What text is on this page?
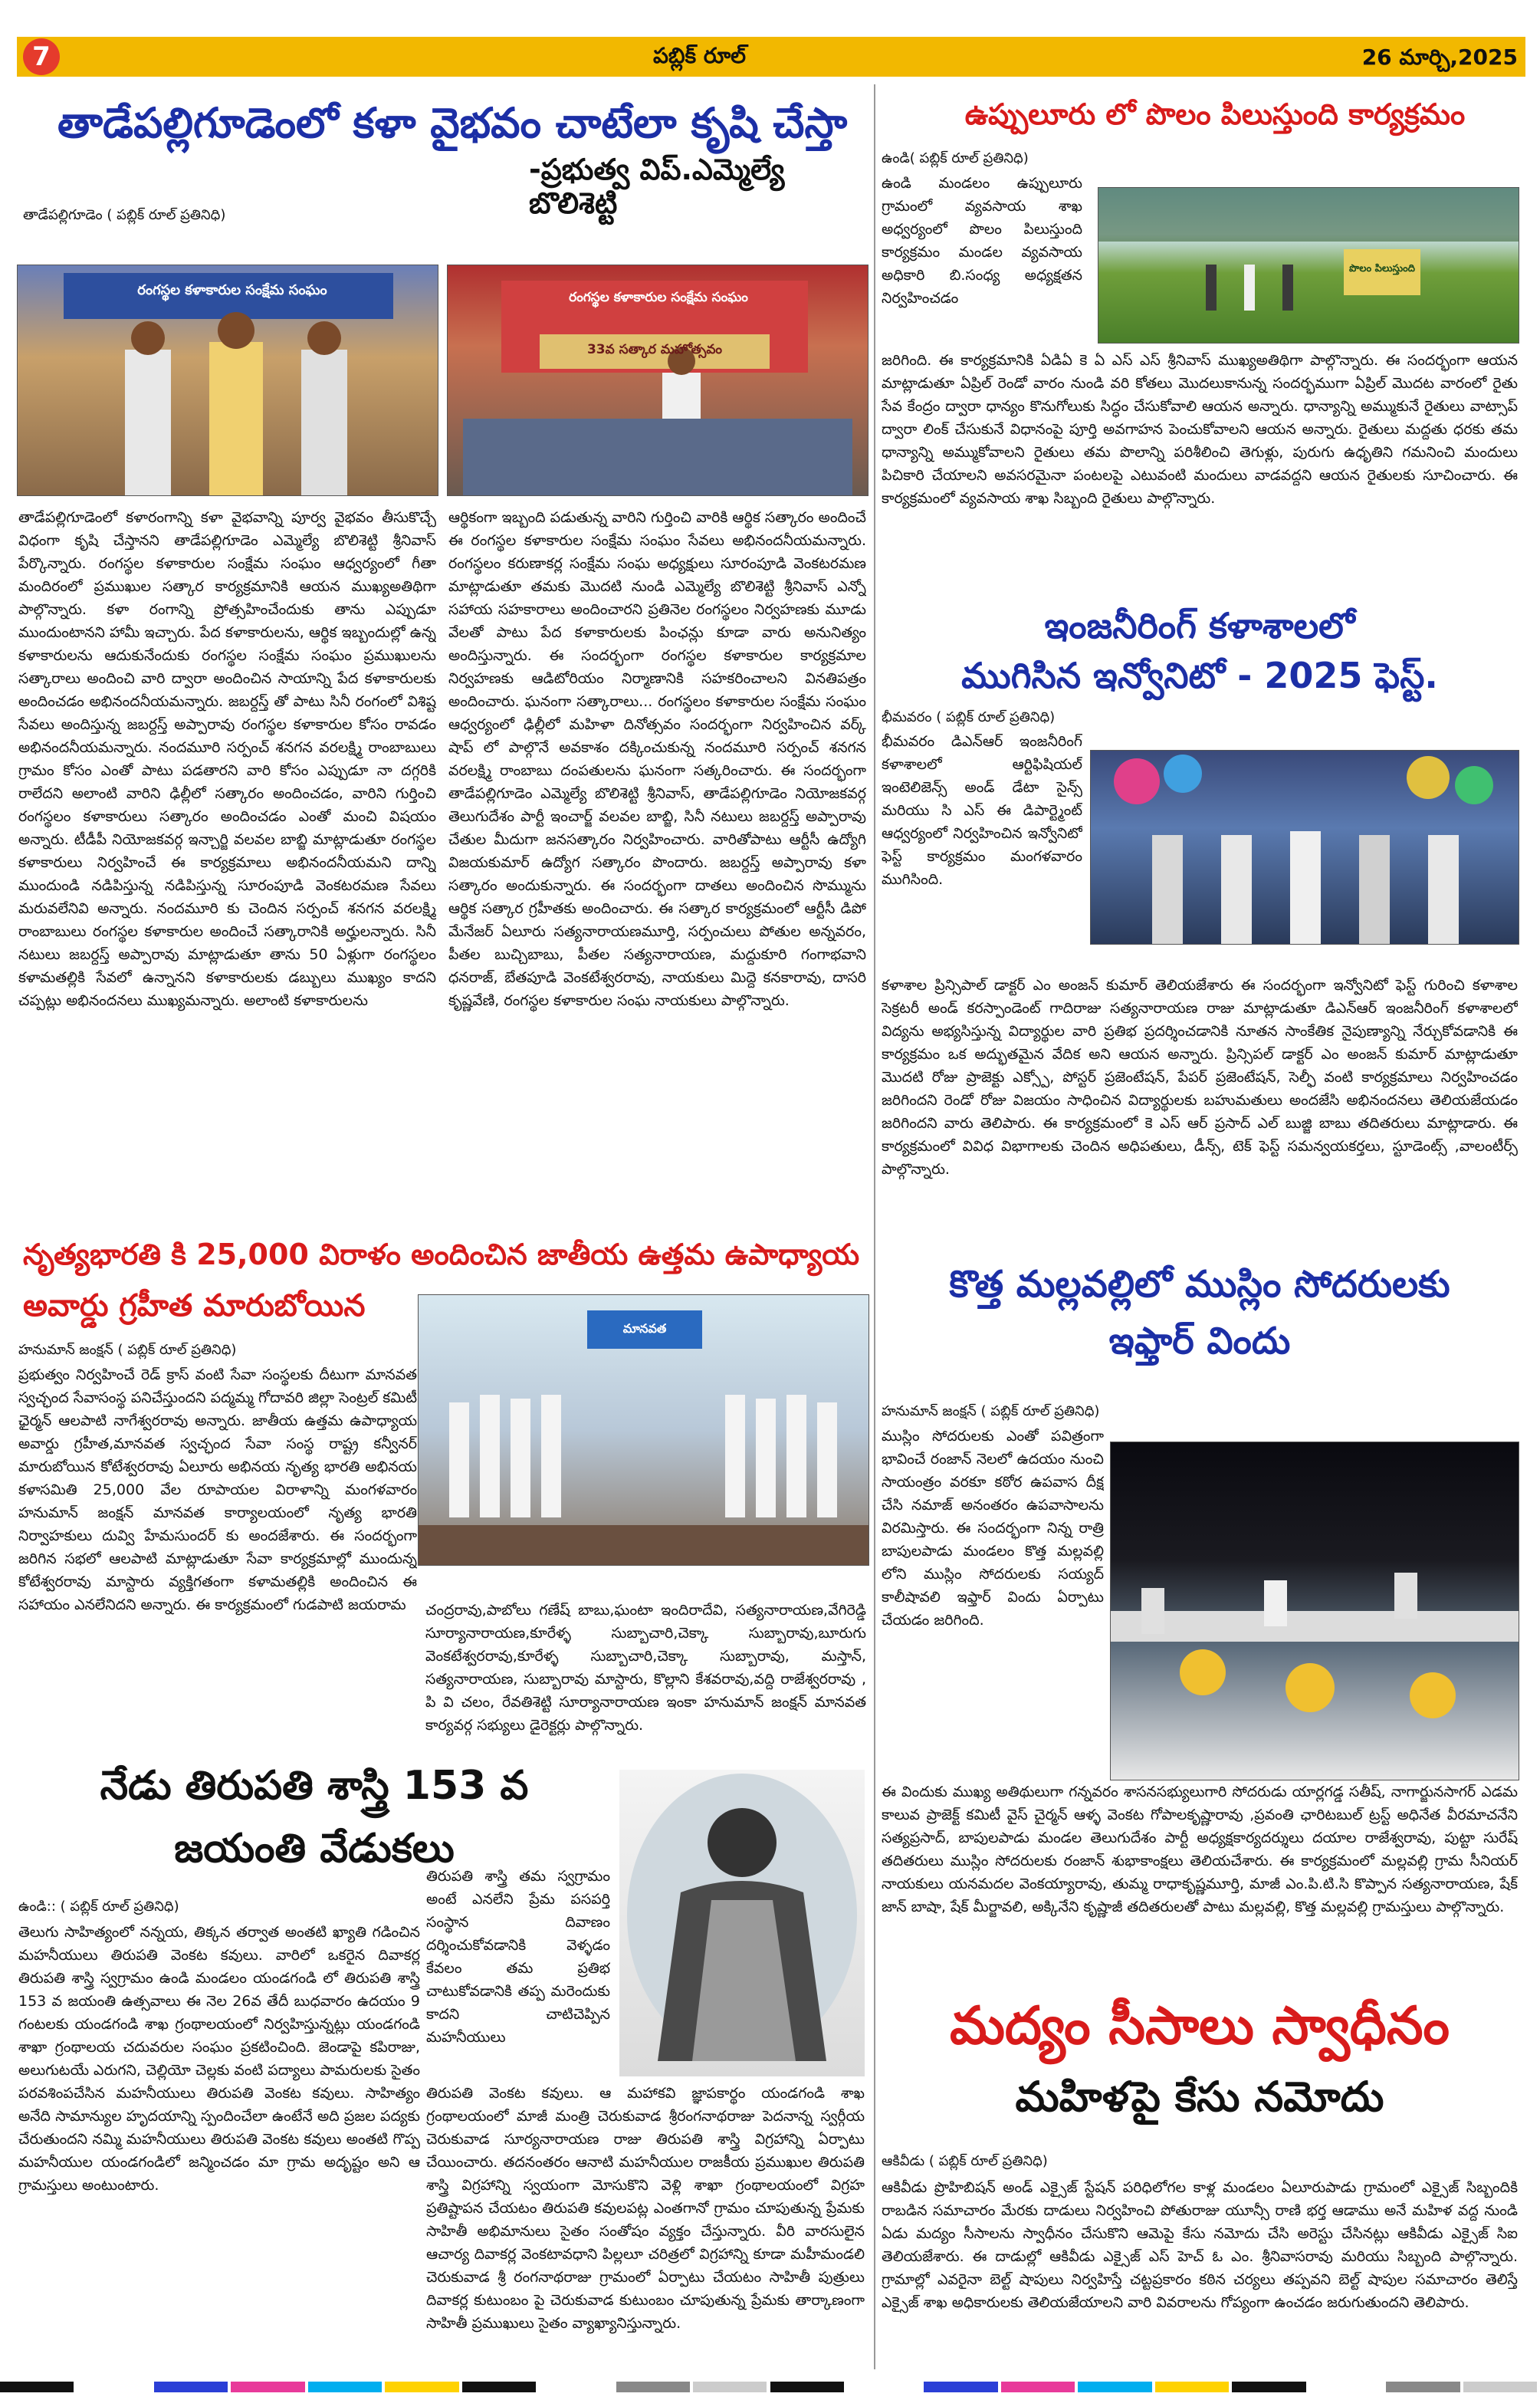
7	పబ్లిక్ రూల్	26 మార్చి,2025
తాడేపల్లిగూడెంలో కళా వైభవం చాటేలా కృషి చేస్తా
-ప్రభుత్వ విప్.ఎమ్మెల్యే బొలిశెట్టి
తాడేపల్లిగూడెం ( పబ్లిక్ రూల్ ప్రతినిధి)
రంగస్థల కళాకారుల సంక్షేమ సంఘం	రంగస్థల కళాకారుల సంక్షేమ సంఘం
33వ సత్కార మహోత్సవం
తాడేపల్లిగూడెంలో కళారంగాన్ని కళా వైభవాన్ని పూర్వ వైభవం తీసుకొచ్చే విధంగా కృషి చేస్తానని తాడేపల్లిగూడెం ఎమ్మెల్యే బొలిశెట్టి శ్రీనివాస్ పేర్కొన్నారు. రంగస్థల కళాకారుల సంక్షేమ సంఘం ఆధ్వర్యంలో గీతా మందిరంలో ప్రముఖుల సత్కార కార్యక్రమానికి ఆయన ముఖ్యఅతిథిగా పాల్గొన్నారు. కళా రంగాన్ని ప్రోత్సహించేందుకు తాను ఎప్పుడూ ముందుంటానని హామీ ఇచ్చారు. పేద కళాకారులను, ఆర్థిక ఇబ్బందుల్లో ఉన్న కళాకారులను ఆదుకునేందుకు రంగస్థల సంక్షేమ సంఘం ప్రముఖులను సత్కారాలు అందించి వారి ద్వారా అందించిన సాయాన్ని పేద కళాకారులకు అందించడం అభినందనీయమన్నారు. జబర్దస్త్ తో పాటు సినీ రంగంలో విశిష్ట సేవలు అందిస్తున్న జబర్దస్త్ అప్పారావు రంగస్థల కళాకారుల కోసం రావడం అభినందనీయమన్నారు. నందమూరి సర్పంచ్ శనగన వరలక్ష్మి రాంబాబులు గ్రామం కోసం ఎంతో పాటు పడతారని వారి కోసం ఎప్పుడూ నా దగ్గరికి రాలేదని అలాంటి వారిని ఢిల్లీలో సత్కారం అందించడం, వారిని గుర్తించి రంగస్థలం కళాకారులు సత్కారం అందించడం ఎంతో మంచి విషయం అన్నారు. టీడీపీ నియోజకవర్గ ఇన్చార్జి వలవల బాబ్జి మాట్లాడుతూ రంగస్థల కళాకారులు నిర్వహించే ఈ కార్యక్రమాలు అభినందనీయమని దాన్ని ముందుండి నడిపిస్తున్న నడిపిస్తున్న సూరంపూడి వెంకటరమణ సేవలు మరువలేనివి అన్నారు. నందమూరి కు చెందిన సర్పంచ్ శనగన వరలక్ష్మి రాంబాబులు రంగస్థల కళాకారుల అందించే సత్కారానికి అర్హులన్నారు. సినీ నటులు జబర్దస్త్ అప్పారావు మాట్లాడుతూ తాను 50 ఏళ్లుగా రంగస్థలం కళామతల్లికి సేవలో ఉన్నానని కళాకారులకు డబ్బులు ముఖ్యం కాదని చప్పట్లు అభినందనలు ముఖ్యమన్నారు. అలాంటి కళాకారులను
ఆర్థికంగా ఇబ్బంది పడుతున్న వారిని గుర్తించి వారికి ఆర్థిక సత్కారం అందించే ఈ రంగస్థల కళాకారుల సంక్షేమ సంఘం సేవలు అభినందనీయమన్నారు. రంగస్థలం కరుణాకర్ల సంక్షేమ సంఘ అధ్యక్షులు సూరంపూడి వెంకటరమణ మాట్లాడుతూ తమకు మొదటి నుండి ఎమ్మెల్యే బొలిశెట్టి శ్రీనివాస్ ఎన్నో సహాయ సహకారాలు అందించారని ప్రతినెల రంగస్థలం నిర్వహణకు మూడు వేలతో పాటు పేద కళాకారులకు పింఛన్లు కూడా వారు అనునిత్యం అందిస్తున్నారు. ఈ సందర్భంగా రంగస్థల కళాకారుల కార్యక్రమాల నిర్వహణకు ఆడిటోరియం నిర్మాణానికి సహకరించాలని వినతిపత్రం అందించారు. ఘనంగా సత్కారాలు... రంగస్థలం కళాకారుల సంక్షేమ సంఘం ఆధ్వర్యంలో ఢిల్లీలో మహిళా దినోత్సవం సందర్భంగా నిర్వహించిన వర్క్ షాప్ లో పాల్గొనే అవకాశం దక్కించుకున్న నందమూరి సర్పంచ్ శనగన వరలక్ష్మి రాంబాబు దంపతులను ఘనంగా సత్కరించారు. ఈ సందర్భంగా తాడేపల్లిగూడెం ఎమ్మెల్యే బొలిశెట్టి శ్రీనివాస్, తాడేపల్లిగూడెం నియోజకవర్గ తెలుగుదేశం పార్టీ ఇంచార్జ్ వలవల బాబ్జి, సినీ నటులు జబర్దస్త్ అప్పారావు చేతుల మీదుగా జనసత్కారం నిర్వహించారు. వారితోపాటు ఆర్టీసీ ఉద్యోగి విజయకుమార్ ఉద్యోగ సత్కారం పొందారు. జబర్దస్త్ అప్పారావు కళా సత్కారం అందుకున్నారు. ఈ సందర్భంగా దాతలు అందించిన సొమ్మును ఆర్థిక సత్కార గ్రహీతకు అందించారు. ఈ సత్కార కార్యక్రమంలో ఆర్టీసీ డిపో మేనేజర్ ఏలూరు సత్యనారాయణమూర్తి, సర్పంచులు పోతుల అన్నవరం, పీతల బుచ్చిబాబు, పీతల సత్యనారాయణ, మద్దుకూరి గంగాభవాని ధనరాజ్, బేతపూడి వెంకటేశ్వరరావు, నాయకులు మిద్దె కనకారావు, దాసరి కృష్ణవేణి, రంగస్థల కళాకారుల సంఘ నాయకులు పాల్గొన్నారు.
ఉప్పులూరు లో పొలం పిలుస్తుంది కార్యక్రమం
ఉండి( పబ్లిక్ రూల్ ప్రతినిధి)
ఉండి మండలం ఉప్పులూరు గ్రామంలో వ్యవసాయ శాఖ అధ్వర్యంలో పొలం పిలుస్తుంది కార్యక్రమం మండల వ్యవసాయ అధికారి బి.సంధ్య అధ్యక్షతన నిర్వహించడం
పొలం పిలుస్తుంది
జరిగింది. ఈ కార్యక్రమానికి ఏడిఏ కె ఏ ఎస్ ఎస్ శ్రీనివాస్ ముఖ్యఅతిథిగా పాల్గొన్నారు. ఈ సందర్భంగా ఆయన మాట్లాడుతూ ఏప్రిల్ రెండో వారం నుండి వరి కోతలు మొదలుకానున్న సందర్భముగా ఏప్రిల్ మొదట వారంలో రైతు సేవ కేంద్రం ద్వారా ధాన్యం కొనుగోలుకు సిద్ధం చేసుకోవాలి ఆయన అన్నారు. ధాన్యాన్ని అమ్ముకునే రైతులు వాట్సాప్ ద్వారా లింక్ చేసుకునే విధానంపై పూర్తి అవగాహన పెంచుకోవాలని ఆయన అన్నారు. రైతులు మద్దతు ధరకు తమ ధాన్యాన్ని అమ్ముకోవాలని రైతులు తమ పొలాన్ని పరిశీలించి తెగుళ్లు, పురుగు ఉధృతిని గమనించి మందులు పిచికారి చేయాలని అవసరమైనా పంటలపై ఎటువంటి మందులు వాడవద్దని ఆయన రైతులకు సూచించారు. ఈ కార్యక్రమంలో వ్యవసాయ శాఖ సిబ్బంది రైతులు పాల్గొన్నారు.
ఇంజనీరింగ్ కళాశాలలో
ముగిసిన ఇన్వోనిటో - 2025 ఫెస్ట్.
భీమవరం ( పబ్లిక్ రూల్ ప్రతినిధి)
భీమవరం డిఎన్ఆర్ ఇంజనీరింగ్ కళాశాలలో ఆర్టిఫిషియల్ ఇంటెలిజెన్స్ అండ్ డేటా సైన్స్ మరియు సి ఎస్ ఈ డిపార్ట్మెంట్ ఆధ్వర్యంలో నిర్వహించిన ఇన్వోనిటో ఫెస్ట్ కార్యక్రమం మంగళవారం ముగిసింది.
కళాశాల ప్రిన్సిపాల్ డాక్టర్ ఎం అంజన్ కుమార్ తెలియజేశారు ఈ సందర్భంగా ఇన్వోనిటో ఫెస్ట్ గురించి కళాశాల సెక్రటరీ అండ్ కరస్పాండెంట్ గాదిరాజు సత్యనారాయణ రాజు మాట్లాడుతూ డిఎన్ఆర్ ఇంజనీరింగ్ కళాశాలలో విద్యను అభ్యసిస్తున్న విద్యార్థుల వారి ప్రతిభ ప్రదర్శించడానికి నూతన సాంకేతిక నైపుణ్యాన్ని నేర్చుకోవడానికి ఈ కార్యక్రమం ఒక అద్భుతమైన వేదిక అని ఆయన అన్నారు. ప్రిన్సిపల్ డాక్టర్ ఎం అంజన్ కుమార్ మాట్లాడుతూ మొదటి రోజు ప్రాజెక్టు ఎక్స్పో, పోస్టర్ ప్రజెంటేషన్, పేపర్ ప్రజెంటేషన్, సెల్ఫీ వంటి కార్యక్రమాలు నిర్వహించడం జరిగిందని రెండో రోజు విజయం సాధించిన విద్యార్థులకు బహుమతులు అందజేసి అభినందనలు తెలియజేయడం జరిగిందని వారు తెలిపారు. ఈ కార్యక్రమంలో కె ఎస్ ఆర్ ప్రసాద్ ఎల్ బుజ్జి బాబు తదితరులు మాట్లాడారు. ఈ కార్యక్రమంలో వివిధ విభాగాలకు చెందిన అధిపతులు, డీన్స్, టెక్ ఫెస్ట్ సమన్వయకర్తలు, స్టూడెంట్స్ ,వాలంటీర్స్ పాల్గొన్నారు.
నృత్యభారతి కి 25,000 విరాళం అందించిన జాతీయ ఉత్తమ ఉపాధ్యాయ
అవార్డు గ్రహీత మారుబోయిన
హనుమాన్ జంక్షన్ ( పబ్లిక్ రూల్ ప్రతినిధి)
ప్రభుత్వం నిర్వహించే రెడ్ క్రాస్ వంటి సేవా సంస్థలకు దీటుగా మానవత స్వచ్ఛంద సేవాసంస్థ పనిచేస్తుందని పద్మమ్మ గోదావరి జిల్లా సెంట్రల్ కమిటీ ఛైర్మన్ ఆలపాటి నాగేశ్వరరావు అన్నారు. జాతీయ ఉత్తమ ఉపాధ్యాయ అవార్డు గ్రహీత,మానవత స్వచ్ఛంద సేవా సంస్థ రాష్ట్ర కన్వీనర్ మారుబోయిన కోటేశ్వరరావు ఏలూరు అభినయ నృత్య భారతి అభినయ కళాసమితి 25,000 వేల రూపాయల విరాళాన్ని మంగళవారం హనుమాన్ జంక్షన్ మానవత కార్యాలయంలో నృత్య భారతి నిర్వాహకులు దువ్వి హేమసుందర్ కు అందజేశారు. ఈ సందర్భంగా జరిగిన సభలో ఆలపాటి మాట్లాడుతూ సేవా కార్యక్రమాల్లో ముందున్న కోటేశ్వరరావు మాస్టారు వ్యక్తిగతంగా కళామతల్లికి అందించిన ఈ సహాయం ఎనలేనిదని అన్నారు. ఈ కార్యక్రమంలో గుడపాటి జయరామ
మానవత
చంద్రరావు,పాబోలు గణేష్ బాబు,ఘంటా ఇందిరాదేవి, సత్యనారాయణ,వేగిరెడ్డి సూర్యానారాయణ,కూరేళ్ళ సుబ్బాచారి,చెక్కా సుబ్బారావు,బూరుగు వెంకటేశ్వరరావు,కూరేళ్ళ సుబ్బాచారి,చెక్కా సుబ్బారావు, మస్తాన్, సత్యనారాయణ, సుబ్బారావు మాస్టారు, కొల్లాని కేశవరావు,వద్ది రాజేశ్వరరావు , పి వి చలం, రేవతిశెట్టి సూర్యానారాయణ ఇంకా హనుమాన్ జంక్షన్ మానవత కార్యవర్గ సభ్యులు డైరెక్టర్లు పాల్గొన్నారు.
కొత్త మల్లవల్లిలో ముస్లిం సోదరులకు
ఇఫ్తార్ విందు
హనుమాన్ జంక్షన్ ( పబ్లిక్ రూల్ ప్రతినిధి)
ముస్లిం సోదరులకు ఎంతో పవిత్రంగా భావించే రంజాన్ నెలలో ఉదయం నుంచి సాయంత్రం వరకూ కఠోర ఉపవాస దీక్ష చేసి నమాజ్ అనంతరం ఉపవాసాలను విరమిస్తారు. ఈ సందర్భంగా నిన్న రాత్రి బాపులపాడు మండలం కొత్త మల్లవల్లి లోని ముస్లిం సోదరులకు సయ్యద్ కాలీషావలి ఇఫ్తార్ విందు ఏర్పాటు చేయడం జరిగింది.
ఈ విందుకు ముఖ్య అతిథులుగా గన్నవరం శాసనసభ్యులుగారి సోదరుడు యార్లగడ్డ సతీష్, నాగార్జునసాగర్ ఎడమ కాలువ ప్రాజెక్ట్ కమిటీ వైస్ చైర్మన్ ఆళ్ళ వెంకట గోపాలకృష్ణారావు ,ప్రవంతి ఛారిటబుల్ ట్రస్ట్ అధినేత వీరమాచనేని సత్యప్రసాద్, బాపులపాడు మండల తెలుగుదేశం పార్టీ అధ్యక్షకార్యదర్శులు దయాల రాజేశ్వరావు, పుట్టా సురేష్ తదితరులు ముస్లిం సోదరులకు రంజాన్ శుభాకాంక్షలు తెలియచేశారు. ఈ కార్యక్రమంలో మల్లవల్లి గ్రామ సీనియర్ నాయకులు యనమదల వెంకయ్యారావు, తుమ్మ రాధాకృష్ణమూర్తి, మాజీ ఎం.పి.టి.సి కొప్పాన సత్యనారాయణ, షేక్ జాన్ బాషా, షేక్ మీర్జావలి, అక్కినేని కృష్ణాజీ తదితరులతో పాటు మల్లవల్లి, కొత్త మల్లవల్లి గ్రామస్తులు పాల్గొన్నారు.
నేడు తిరుపతి శాస్త్రి 153 వ
జయంతి వేడుకలు
ఉండి:: ( పబ్లిక్ రూల్ ప్రతినిధి)
తెలుగు సాహిత్యంలో నన్నయ, తిక్కన తర్వాత అంతటి ఖ్యాతి గడించిన మహనీయులు తిరుపతి వెంకట కవులు. వారిలో ఒకరైన దివాకర్ల తిరుపతి శాస్త్రి స్వగ్రామం ఉండి మండలం యండగండి లో తిరుపతి శాస్త్రి 153 వ జయంతి ఉత్సవాలు ఈ నెల 26వ తేదీ బుధవారం ఉదయం 9 గంటలకు యండగండి శాఖ గ్రంథాలయంలో నిర్వహిస్తున్నట్లు యండగండి శాఖా గ్రంథాలయ చదువరుల సంఘం ప్రకటించింది. జెండాపై కపిరాజు, అలుగుటయే ఎరుగని, చెల్లియో చెల్లకు వంటి పద్యాలు పామరులకు సైతం పరవశింపచేసిన మహనీయులు తిరుపతి వెంకట కవులు. సాహిత్యం అనేది సామాన్యుల హృదయాన్ని స్పందించేలా ఉంటేనే అది ప్రజల పద్యకు చేరుతుందని నమ్మి మహనీయులు తిరుపతి వెంకట కవులు అంతటి గొప్ప మహనీయుల యండగండిలో జన్మించడం మా గ్రామ అదృష్టం అని ఆ గ్రామస్తులు అంటుంటారు.
తిరుపతి శాస్త్రి తమ స్వగ్రామం అంటే ఎనలేని ప్రేమ పసపర్తి సంస్థాన దివాణం దర్శించుకోవడానికి వెళ్ళడం కేవలం తమ ప్రతిభ చాటుకోవడానికి తప్ప మరెందుకు కాదని చాటిచెప్పిన మహనీయులు
తిరుపతి వెంకట కవులు. ఆ మహాకవి జ్ఞాపకార్థం యండగండి శాఖ గ్రంథాలయంలో మాజీ మంత్రి చెరుకువాడ శ్రీరంగనాథరాజు పెదనాన్న స్వర్గీయ చెరుకువాడ సూర్యనారాయణ రాజు తిరుపతి శాస్త్రి విగ్రహాన్ని ఏర్పాటు చేయించారు. తదనంతరం ఆనాటి మహనీయుల రాజకీయ ప్రముఖుల తిరుపతి శాస్త్రి విగ్రహాన్ని స్వయంగా మోసుకొని వెళ్లి శాఖా గ్రంథాలయంలో విగ్రహ ప్రతిష్టాపన చేయటం తిరుపతి కవులపట్ల ఎంతగానో గ్రామం చూపుతున్న ప్రేమకు సాహితీ అభిమానులు సైతం సంతోషం వ్యక్తం చేస్తున్నారు. వీరి వారసులైన ఆచార్య దివాకర్ల వెంకటావధాని పిల్లలూ చరిత్రలో విగ్రహాన్ని కూడా మహీమండలి చెరుకువాడ శ్రీ రంగనాథరాజు గ్రామంలో ఏర్పాటు చేయటం సాహితీ పుత్రులు దివాకర్ల కుటుంబం పై చెరుకువాడ కుటుంబం చూపుతున్న ప్రేమకు తార్కాణంగా సాహితీ ప్రముఖులు సైతం వ్యాఖ్యానిస్తున్నారు.
మద్యం సీసాలు స్వాధీనం
మహిళపై కేసు నమోదు
ఆకివీడు ( పబ్లిక్ రూల్ ప్రతినిధి)
ఆకివీడు ప్రొహిబిషన్ అండ్ ఎక్సైజ్ స్టేషన్ పరిధిలోగల కాళ్ల మండలం ఏలూరుపాడు గ్రామంలో ఎక్సైజ్ సిబ్బందికి రాబడిన సమాచారం మేరకు దాడులు నిర్వహించి పోతురాజు యూన్సీ రాణి భర్త ఆడాము అనే మహిళ వద్ద నుండి ఏడు మద్యం సీసాలను స్వాధీనం చేసుకొని ఆమెపై కేసు నమోదు చేసి అరెస్టు చేసినట్లు ఆకివీడు ఎక్సైజ్ సిఐ తెలియజేశారు. ఈ దాడుల్లో ఆకివీడు ఎక్సైజ్ ఎస్ హెచ్ ఓ ఎం. శ్రీనివాసరావు మరియు సిబ్బంది పాల్గొన్నారు. గ్రామాల్లో ఎవరైనా బెల్ట్ షాపులు నిర్వహిస్తే చట్టప్రకారం కఠిన చర్యలు తప్పవని బెల్ట్ షాపుల సమాచారం తెలిస్తే ఎక్సైజ్ శాఖ అధికారులకు తెలియజేయాలని వారి వివరాలను గోప్యంగా ఉంచడం జరుగుతుందని తెలిపారు.
